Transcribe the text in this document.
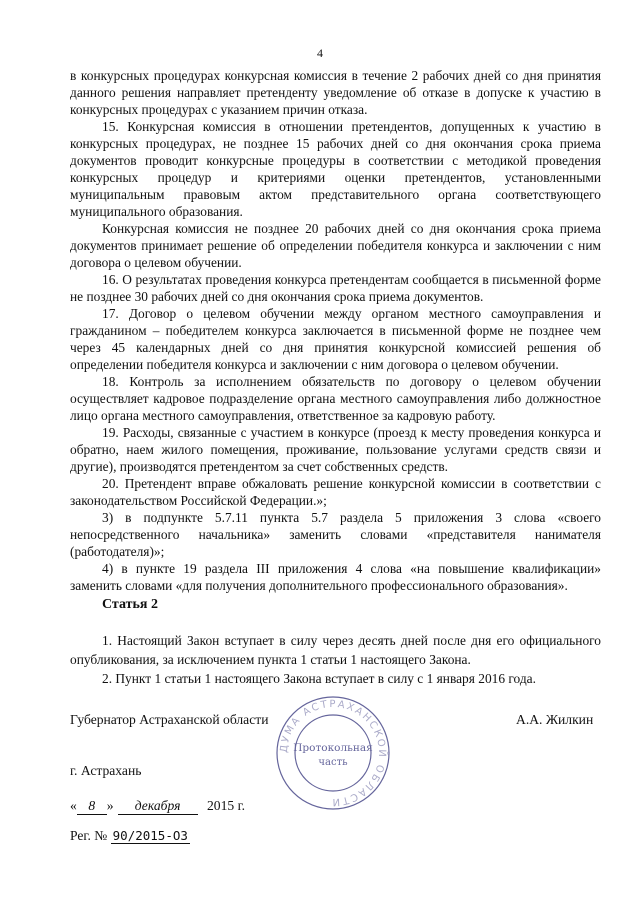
4

в конкурсных процедурах конкурсная комиссия в течение 2 рабочих дней со дня принятия данного решения направляет претенденту уведомление об отказе в допуске к участию в конкурсных процедурах с указанием причин отказа.

15. Конкурсная комиссия в отношении претендентов, допущенных к участию в конкурсных процедурах, не позднее 15 рабочих дней со дня окончания срока приема документов проводит конкурсные процедуры в соответствии с методикой проведения конкурсных процедур и критериями оценки претендентов, установленными муниципальным правовым актом представительного органа соответствующего муниципального образования.

Конкурсная комиссия не позднее 20 рабочих дней со дня окончания срока приема документов принимает решение об определении победителя конкурса и заключении с ним договора о целевом обучении.

16. О результатах проведения конкурса претендентам сообщается в письменной форме не позднее 30 рабочих дней со дня окончания срока приема документов.

17. Договор о целевом обучении между органом местного самоуправления и гражданином – победителем конкурса заключается в письменной форме не позднее чем через 45 календарных дней со дня принятия конкурсной комиссией решения об определении победителя конкурса и заключении с ним договора о целевом обучении.

18. Контроль за исполнением обязательств по договору о целевом обучении осуществляет кадровое подразделение органа местного самоуправления либо должностное лицо органа местного самоуправления, ответственное за кадровую работу.

19. Расходы, связанные с участием в конкурсе (проезд к месту проведения конкурса и обратно, наем жилого помещения, проживание, пользование услугами средств связи и другие), производятся претендентом за счет собственных средств.

20. Претендент вправе обжаловать решение конкурсной комиссии в соответствии с законодательством Российской Федерации.»;

3) в подпункте 5.7.11 пункта 5.7 раздела 5 приложения 3 слова «своего непосредственного начальника» заменить словами «представителя нанимателя (работодателя)»;

4) в пункте 19 раздела III приложения 4 слова «на повышение квалификации» заменить словами «для получения дополнительного профессионального образования».

Статья 2

1. Настоящий Закон вступает в силу через десять дней после дня его официального опубликования, за исключением пункта 1 статьи 1 настоящего Закона.

2. Пункт 1 статьи 1 настоящего Закона вступает в силу с 1 января 2016 года.

Губернатор Астраханской области	А.А. Жилкин
ДУМА АСТРАХАНСКОЙ ОБЛАСТИ
Протокольная
часть
г. Астрахань
« 8 » декабря 2015 г.
Рег. № 90/2015-ОЗ
